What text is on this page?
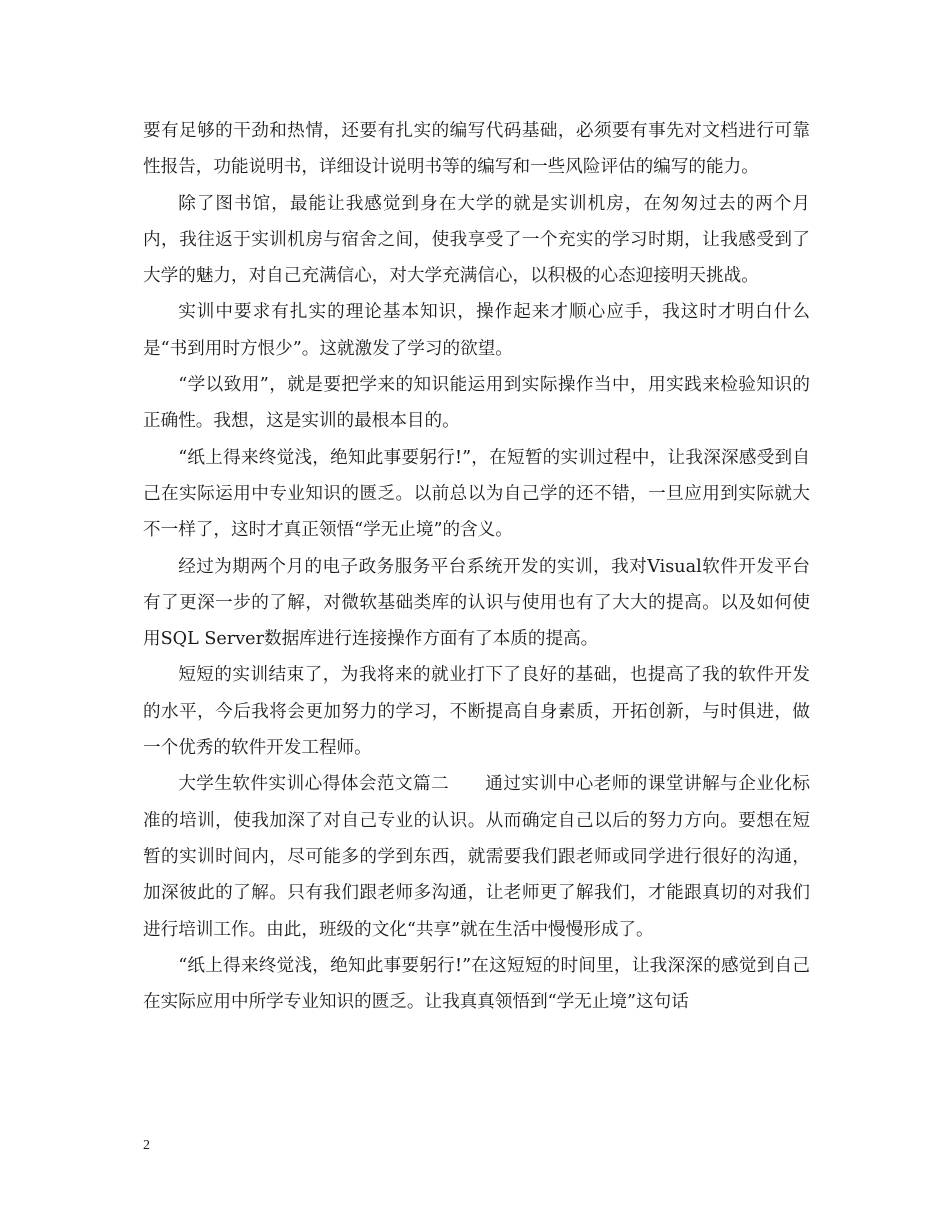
要有足够的干劲和热情，还要有扎实的编写代码基础，必须要有事先对文档进行可靠性报告，功能说明书，详细设计说明书等的编写和一些风险评估的编写的能力。

除了图书馆，最能让我感觉到身在大学的就是实训机房，在匆匆过去的两个月内，我往返于实训机房与宿舍之间，使我享受了一个充实的学习时期，让我感受到了大学的魅力，对自己充满信心，对大学充满信心，以积极的心态迎接明天挑战。

实训中要求有扎实的理论基本知识，操作起来才顺心应手，我这时才明白什么是“书到用时方恨少”。这就激发了学习的欲望。

“学以致用”，就是要把学来的知识能运用到实际操作当中，用实践来检验知识的正确性。我想，这是实训的最根本目的。

“纸上得来终觉浅，绝知此事要躬行!”，在短暂的实训过程中，让我深深感受到自己在实际运用中专业知识的匮乏。以前总以为自己学的还不错，一旦应用到实际就大不一样了，这时才真正领悟“学无止境”的含义。

经过为期两个月的电子政务服务平台系统开发的实训，我对Visual软件开发平台有了更深一步的了解，对微软基础类库的认识与使用也有了大大的提高。以及如何使用SQL Server数据库进行连接操作方面有了本质的提高。

短短的实训结束了，为我将来的就业打下了良好的基础，也提高了我的软件开发的水平，今后我将会更加努力的学习，不断提高自身素质，开拓创新，与时俱进，做一个优秀的软件开发工程师。

大学生软件实训心得体会范文篇二　　通过实训中心老师的课堂讲解与企业化标准的培训，使我加深了对自己专业的认识。从而确定自己以后的努力方向。要想在短暂的实训时间内，尽可能多的学到东西，就需要我们跟老师或同学进行很好的沟通，加深彼此的了解。只有我们跟老师多沟通，让老师更了解我们，才能跟真切的对我们进行培训工作。由此，班级的文化“共享”就在生活中慢慢形成了。

“纸上得来终觉浅，绝知此事要躬行!”在这短短的时间里，让我深深的感觉到自己在实际应用中所学专业知识的匮乏。让我真真领悟到“学无止境”这句话

2
